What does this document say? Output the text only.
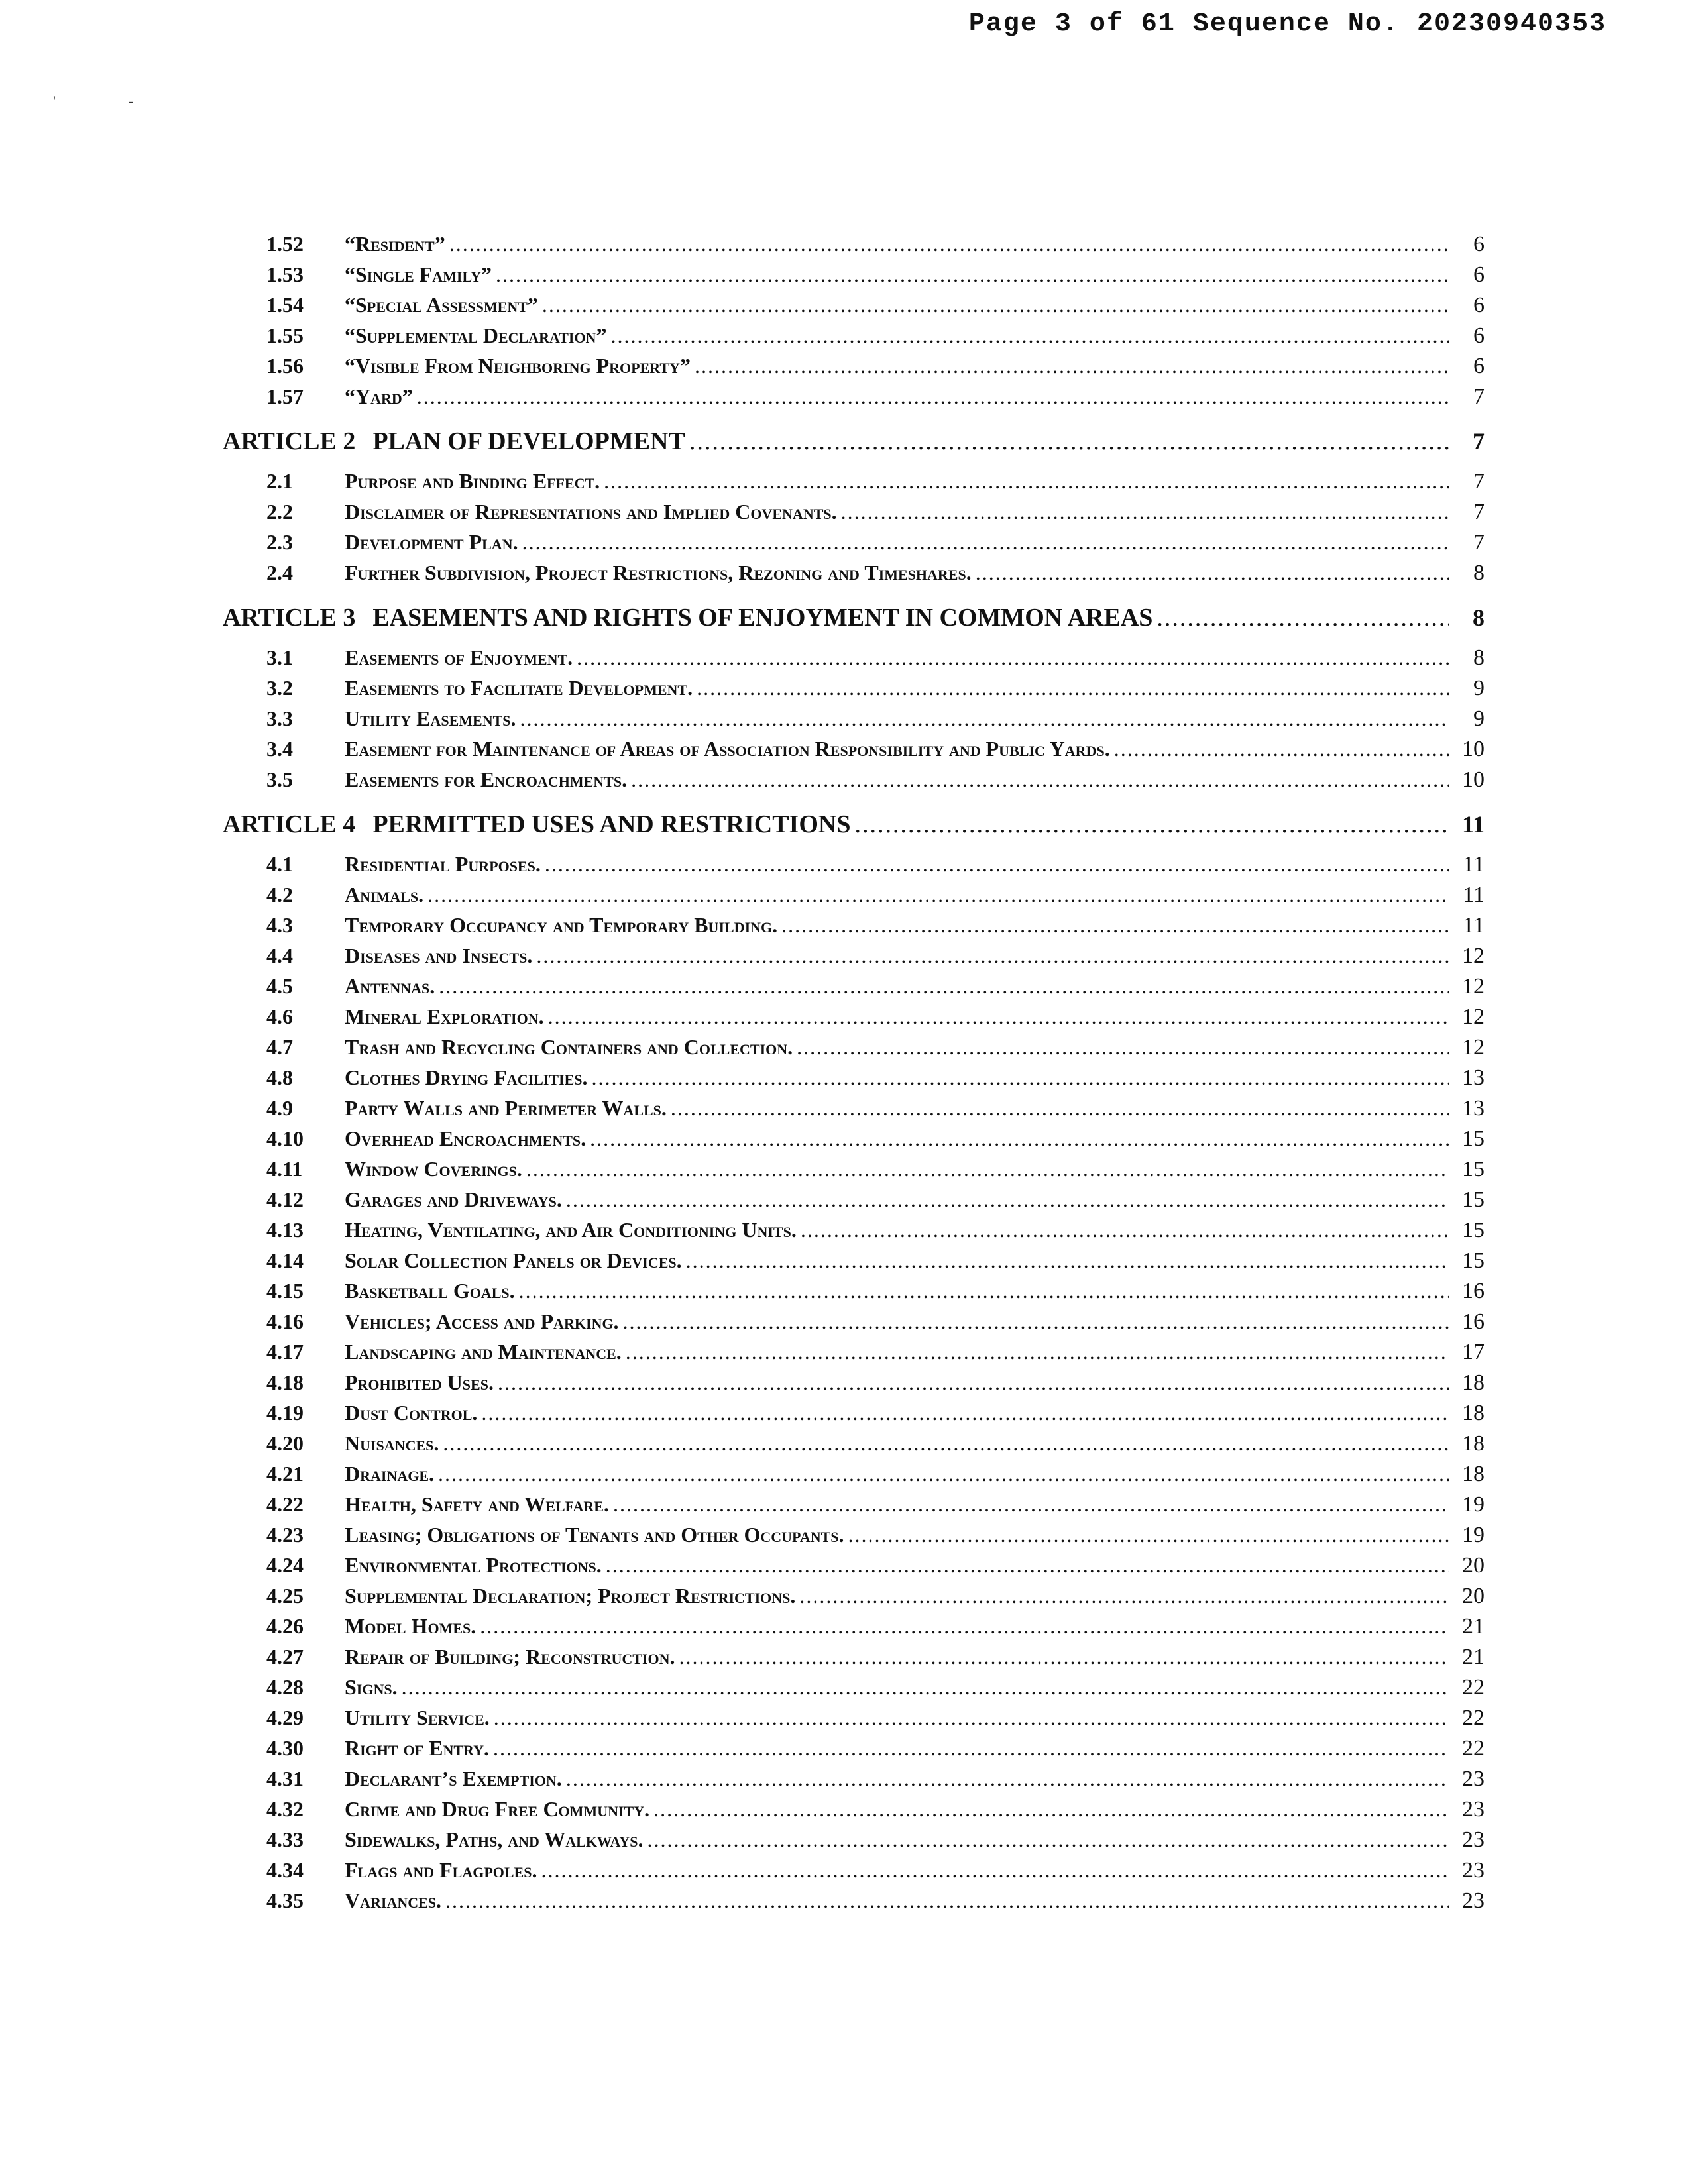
Page 3 of 61 Sequence No. 20230940353
'	-
1.52	“Resident” .....	6
1.53	“Single Family” .....	6
1.54	“Special Assessment” .....	6
1.55	“Supplemental Declaration” .....	6
1.56	“Visible From Neighboring Property” .....	6
1.57	“Yard” .....	7
ARTICLE 2 PLAN OF DEVELOPMENT .....	7
2.1	Purpose and Binding Effect. .....	7
2.2	Disclaimer of Representations and Implied Covenants. .....	7
2.3	Development Plan. .....	7
2.4	Further Subdivision, Project Restrictions, Rezoning and Timeshares. .....	8
ARTICLE 3 EASEMENTS AND RIGHTS OF ENJOYMENT IN COMMON AREAS .....	8
3.1	Easements of Enjoyment. .....	8
3.2	Easements to Facilitate Development. .....	9
3.3	Utility Easements. .....	9
3.4	Easement for Maintenance of Areas of Association Responsibility and Public Yards. .....	10
3.5	Easements for Encroachments. .....	10
ARTICLE 4 PERMITTED USES AND RESTRICTIONS .....	11
4.1	Residential Purposes. .....	11
4.2	Animals. .....	11
4.3	Temporary Occupancy and Temporary Building. .....	11
4.4	Diseases and Insects. .....	12
4.5	Antennas. .....	12
4.6	Mineral Exploration. .....	12
4.7	Trash and Recycling Containers and Collection. .....	12
4.8	Clothes Drying Facilities. .....	13
4.9	Party Walls and Perimeter Walls. .....	13
4.10	Overhead Encroachments. .....	15
4.11	Window Coverings. .....	15
4.12	Garages and Driveways. .....	15
4.13	Heating, Ventilating, and Air Conditioning Units. .....	15
4.14	Solar Collection Panels or Devices. .....	15
4.15	Basketball Goals. .....	16
4.16	Vehicles; Access and Parking. .....	16
4.17	Landscaping and Maintenance. .....	17
4.18	Prohibited Uses. .....	18
4.19	Dust Control. .....	18
4.20	Nuisances. .....	18
4.21	Drainage. .....	18
4.22	Health, Safety and Welfare. .....	19
4.23	Leasing; Obligations of Tenants and Other Occupants. .....	19
4.24	Environmental Protections. .....	20
4.25	Supplemental Declaration; Project Restrictions. .....	20
4.26	Model Homes. .....	21
4.27	Repair of Building; Reconstruction. .....	21
4.28	Signs. .....	22
4.29	Utility Service. .....	22
4.30	Right of Entry. .....	22
4.31	Declarant’s Exemption. .....	23
4.32	Crime and Drug Free Community. .....	23
4.33	Sidewalks, Paths, and Walkways. .....	23
4.34	Flags and Flagpoles. .....	23
4.35	Variances. .....	23
